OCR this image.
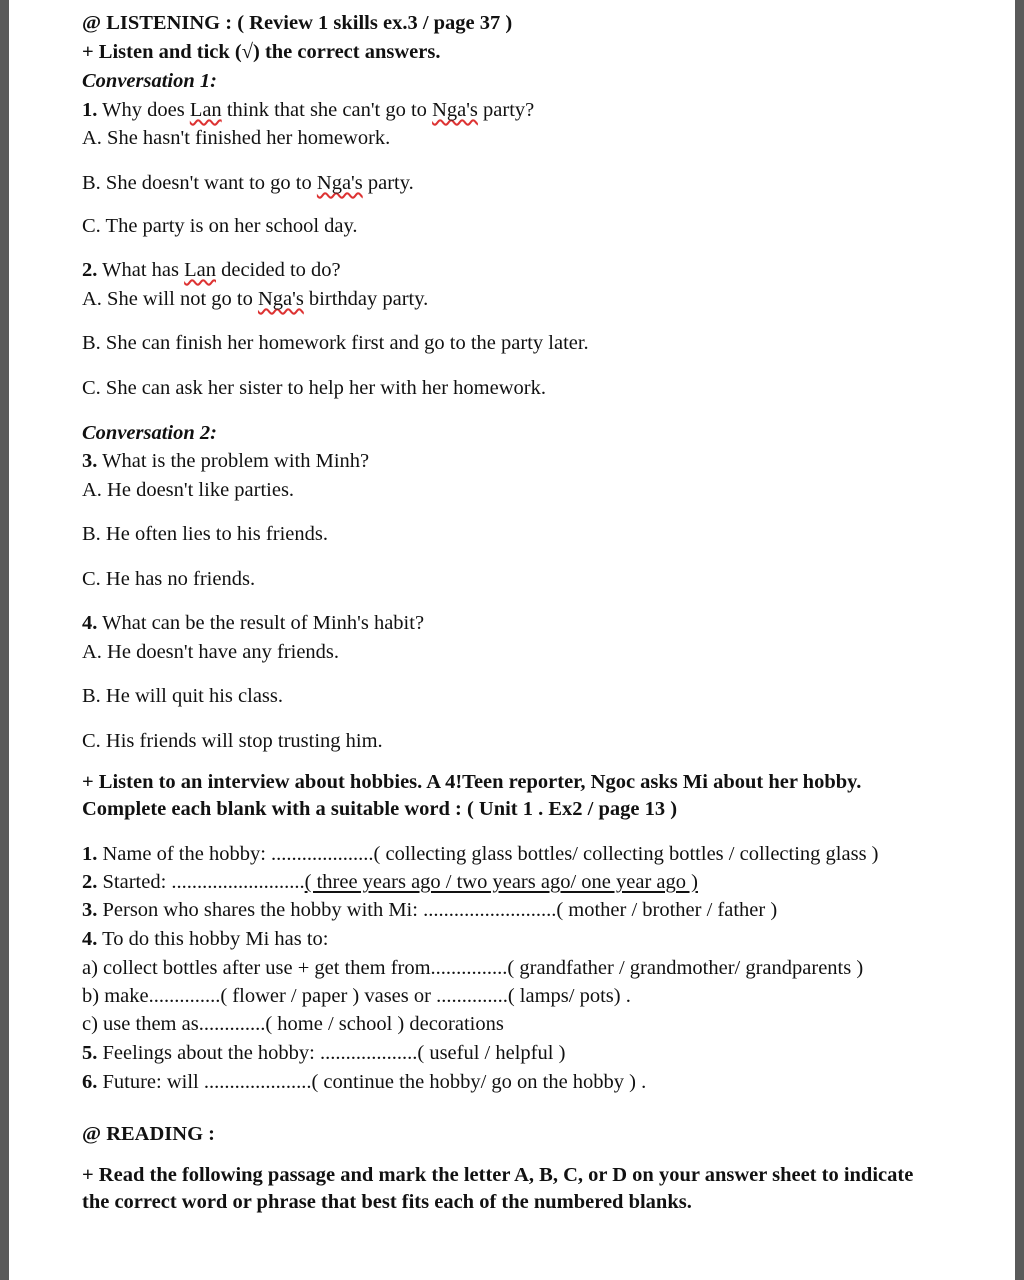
@ LISTENING : ( Review 1 skills ex.3 / page 37 )
+ Listen and tick (√) the correct answers.
Conversation 1:
1. Why does Lan think that she can't go to Nga's party?
A. She hasn't finished her homework.
B. She doesn't want to go to Nga's party.
C. The party is on her school day.
2. What has Lan decided to do?
A. She will not go to Nga's birthday party.
B. She can finish her homework first and go to the party later.
C. She can ask her sister to help her with her homework.
Conversation 2:
3. What is the problem with Minh?
A. He doesn't like parties.
B. He often lies to his friends.
C. He has no friends.
4. What can be the result of Minh's habit?
A. He doesn't have any friends.
B. He will quit his class.
C. His friends will stop trusting him.
+ Listen to an interview about hobbies. A 4!Teen reporter, Ngoc asks Mi about her hobby.
Complete each blank with a suitable word : ( Unit 1 . Ex2 / page 13 )
1. Name of the hobby: ....................( collecting glass bottles/ collecting bottles / collecting glass )
2. Started: ..........................( three years ago / two years ago/ one year ago )
3. Person who shares the hobby with Mi: ..........................( mother / brother / father )
4. To do this hobby Mi has to:
a) collect bottles after use + get them from...............( grandfather / grandmother/ grandparents )
b) make..............( flower / paper ) vases or ..............( lamps/ pots) .
c) use them as.............( home / school ) decorations
5. Feelings about the hobby: ...................( useful / helpful )
6. Future: will .....................( continue the hobby/ go on the hobby ) .
@ READING :
+ Read the following passage and mark the letter A, B, C, or D on your answer sheet to indicate
the correct word or phrase that best fits each of the numbered blanks.
